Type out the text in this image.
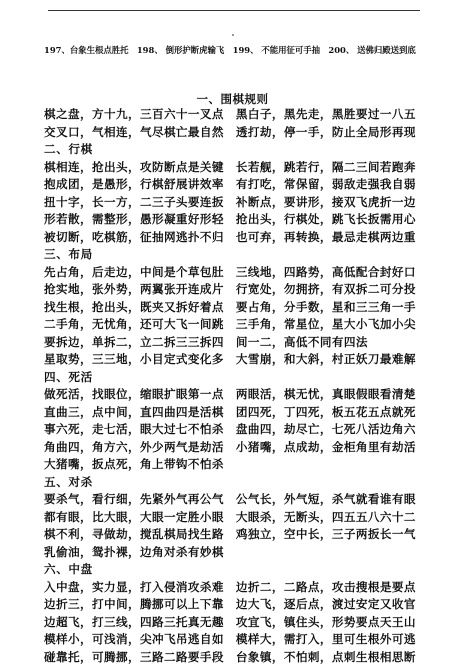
197、台象生根点胜托　198、 倒形护断虎输飞　199、 不能用征可手抽　200、 送佛归殿送到底
一、围棋规则
棋之盘，方十九，三百六十一叉点　黑白子，黑先走，黑胜要过一八五
交叉口，气相连，气尽棋亡最自然　透打劫，停一手，防止全局形再现
二、行棋
棋相连，抢出头，攻防断点是关键　长若舰，跳若行，隔二三间若跑奔
抱成团，是愚形，行棋舒展讲效率　有打吃，常保留，弱敌走强我自弱
扭十字，长一方，二三子头要连扳　补断点，要讲形，接双飞虎折一边
形若散，需整形，愚形凝重好形轻　抢出头，行棋处，跳飞长扳需用心
被切断，吃棋筋，征抽网逃扑不归　也可弃，再转换，最忌走棋两边重
三、布局
先占角，后走边，中间是个草包肚　三线地，四路势，高低配合封好口
抢实地，张外势，两翼张开连成片　行宽处，勿拥挤，有双拆二可分投
找生根，抢出头，既夹又拆好着点　要占角，分手数，星和三三角一手
二手角，无忧角，还可大飞一间跳　三手角，常星位，星大小飞加小尖
要拆边，单拆二，立二拆三三拆四　间一二，高低不同有四法
星取势，三三地，小目定式变化多　大雪崩，和大斜，村正妖刀最难解
四、死活
做死活，找眼位，缩眼扩眼第一点　两眼活，棋无忧，真眼假眼看清楚
直曲三，点中间，直四曲四是活棋　团四死，丁四死，板五花五点就死
事六死，走七活，眼大过七不怕杀　盘曲四，劫尽亡，七死八活边角六
角曲四，角方六，外少两气是劫活　小猪嘴，点成劫，金柜角里有劫活
大猪嘴，扳点死，角上带钩不怕杀
五、对杀
要杀气，看行细，先紧外气再公气　公气长，外气短，杀气就看谁有眼
都有眼，比大眼，大眼一定胜小眼　大眼杀，无断头，四五五八六十二
棋不利，寻做劫，搅乱棋局找生路　鸡独立，空中长，三子两扳长一气
乳偷油，鸳扑裸，边角对杀有妙棋
六、中盘
入中盘，实力显，打入侵消攻杀难　边折二，二路点，攻击搜根是要点
边折三，打中间，腾挪可以上下靠　边大飞，逐后点，渡过安定又收官
边超飞，打三线，四路三托真无趣　攻宜飞，镇住头，形势要点天王山
模样小，可浅消，尖冲飞吊逃自如　模样大，需打入，里可生根外可逃
碰靠托，可腾挪，三路二路要手段　台象镇，不怕刺，点刺生根相思断
